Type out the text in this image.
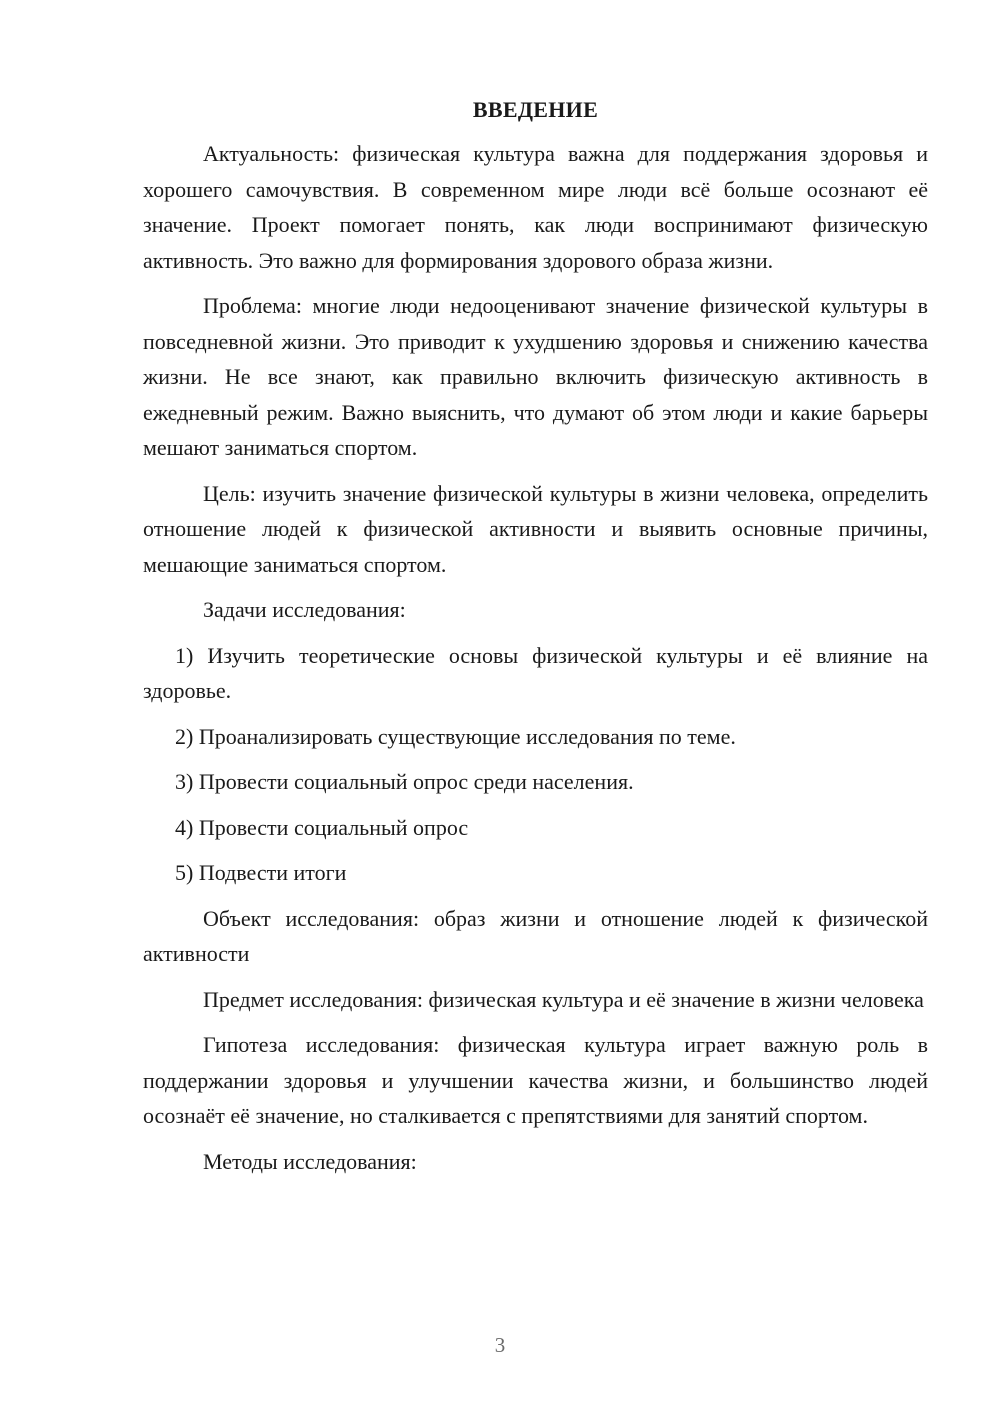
ВВЕДЕНИЕ

Актуальность: физическая культура важна для поддержания здоровья и хорошего самочувствия. В современном мире люди всё больше осознают её значение. Проект помогает понять, как люди воспринимают физическую активность. Это важно для формирования здорового образа жизни.

Проблема: многие люди недооценивают значение физической культуры в повседневной жизни. Это приводит к ухудшению здоровья и снижению качества жизни. Не все знают, как правильно включить физическую активность в ежедневный режим. Важно выяснить, что думают об этом люди и какие барьеры мешают заниматься спортом.

Цель: изучить значение физической культуры в жизни человека, определить отношение людей к физической активности и выявить основные причины, мешающие заниматься спортом.

Задачи исследования:

1) Изучить теоретические основы физической культуры и её влияние на здоровье.

2) Проанализировать существующие исследования по теме.

3) Провести социальный опрос среди населения.

4) Провести социальный опрос

5) Подвести итоги

Объект исследования: образ жизни и отношение людей к физической активности

Предмет исследования: физическая культура и её значение в жизни человека

Гипотеза исследования: физическая культура играет важную роль в поддержании здоровья и улучшении качества жизни, и большинство людей осознаёт её значение, но сталкивается с препятствиями для занятий спортом.

Методы исследования:

3
